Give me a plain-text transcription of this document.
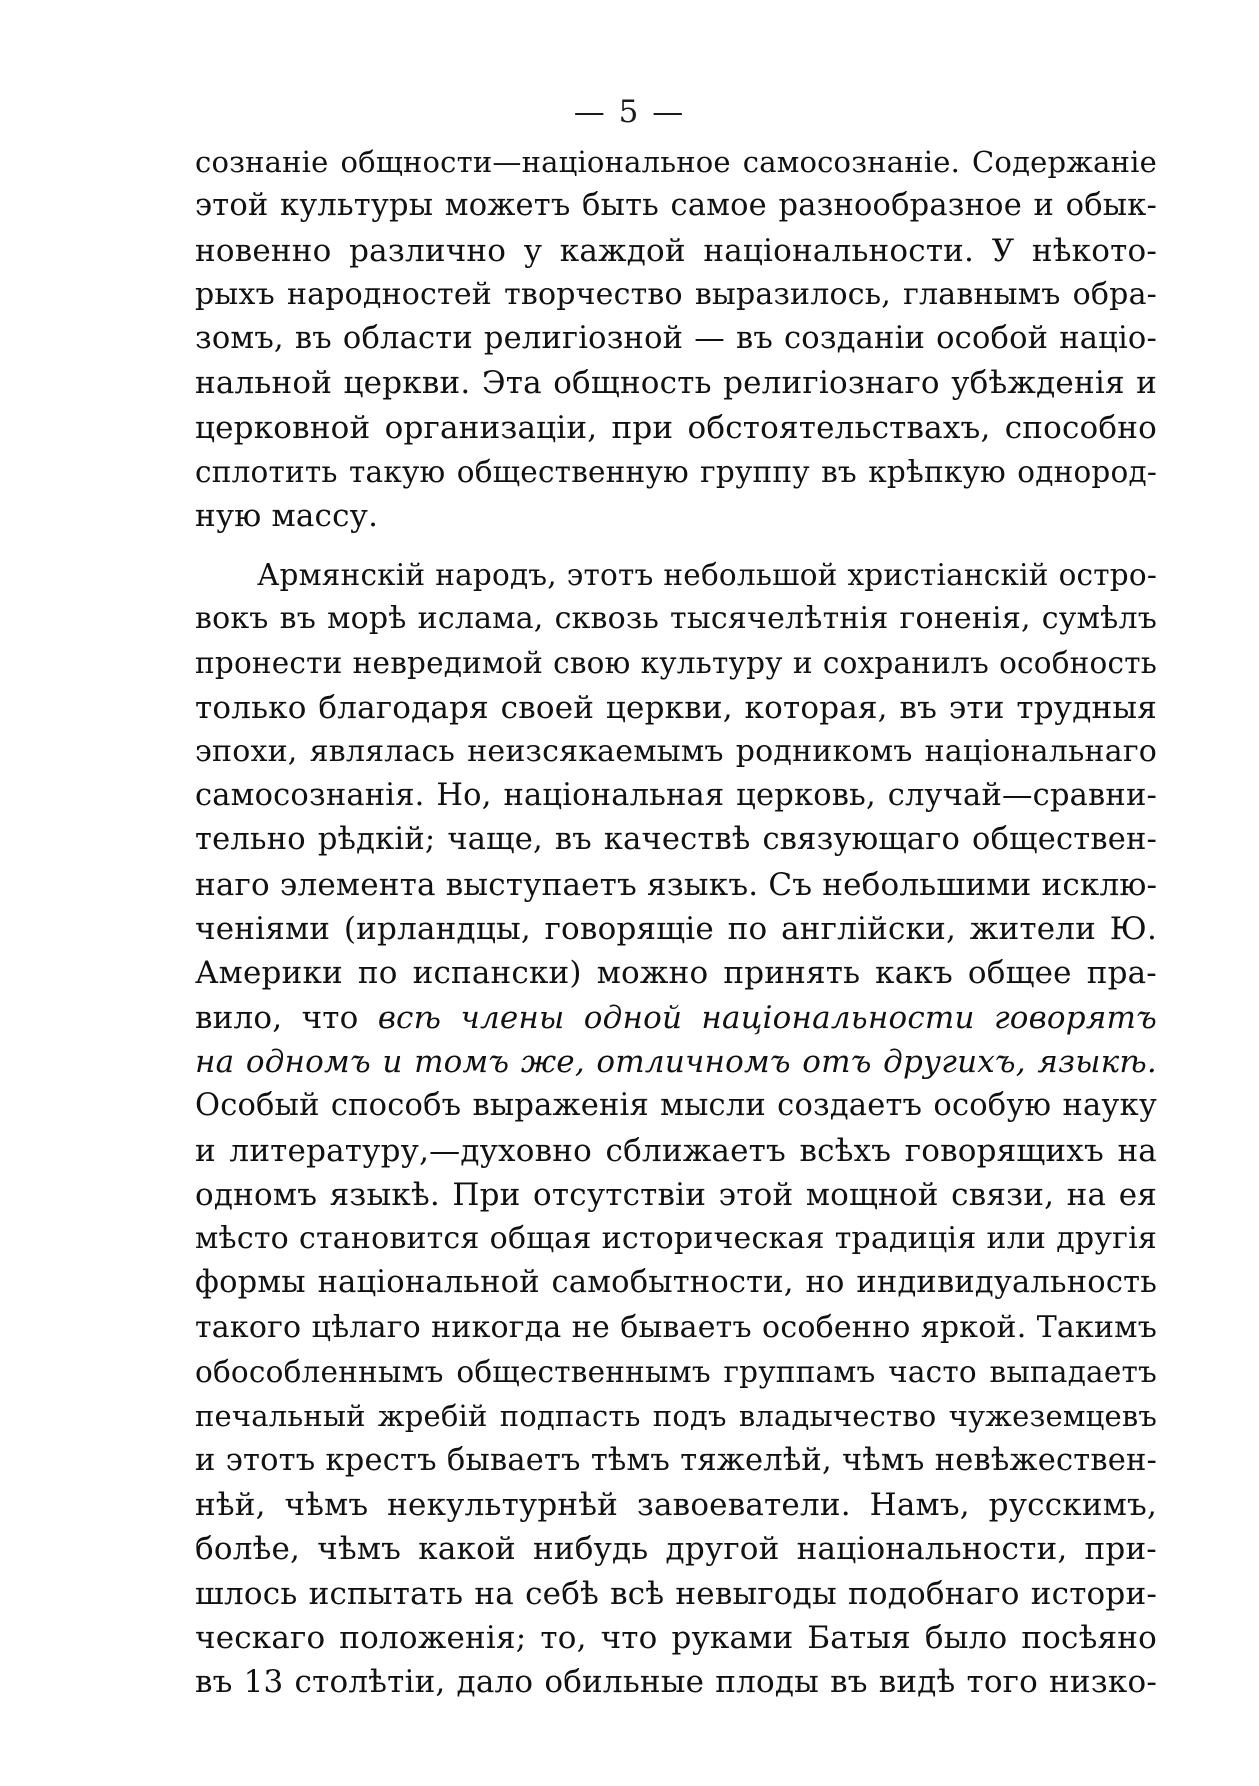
— 5 —
сознаніе общности—національное самосознаніе. Содержаніе
этой культуры можетъ быть самое разнообразное и обык-
новенно различно у каждой національности. У нѣкото-
рыхъ народностей творчество выразилось, главнымъ обра-
зомъ, въ области религіозной — въ созданіи особой націо-
нальной церкви. Эта общность религіознаго убѣжденія и
церковной организаціи, при обстоятельствахъ, способно
сплотить такую общественную группу въ крѣпкую однород-
ную массу.
Армянскій народъ, этотъ небольшой христіанскій остро-
вокъ въ морѣ ислама, сквозь тысячелѣтнія гоненія, сумѣлъ
пронести невредимой свою культуру и сохранилъ особность
только благодаря своей церкви, которая, въ эти трудныя
эпохи, являлась неизсякаемымъ родникомъ національнаго
самосознанія. Но, національная церковь, случай—сравни-
тельно рѣдкій; чаще, въ качествѣ связующаго обществен-
наго элемента выступаетъ языкъ. Съ небольшими исклю-
ченіями (ирландцы, говорящіе по англійски, жители Ю.
Америки по испански) можно принять какъ общее пра-
вило, что всѣ члены одной національности говорятъ
на одномъ и томъ же, отличномъ отъ другихъ, языкѣ.
Особый способъ выраженія мысли создаетъ особую науку
и литературу,—духовно сближаетъ всѣхъ говорящихъ на
одномъ языкѣ. При отсутствіи этой мощной связи, на ея
мѣсто становится общая историческая традиція или другія
формы національной самобытности, но индивидуальность
такого цѣлаго никогда не бываетъ особенно яркой. Такимъ
обособленнымъ общественнымъ группамъ часто выпадаетъ
печальный жребій подпасть подъ владычество чужеземцевъ
и этотъ крестъ бываетъ тѣмъ тяжелѣй, чѣмъ невѣжествен-
нѣй, чѣмъ некультурнѣй завоеватели. Намъ, русскимъ,
болѣе, чѣмъ какой нибудь другой національности, при-
шлось испытать на себѣ всѣ невыгоды подобнаго истори-
ческаго положенія; то, что руками Батыя было посѣяно
въ 13 столѣтіи, дало обильные плоды въ видѣ того низко-
